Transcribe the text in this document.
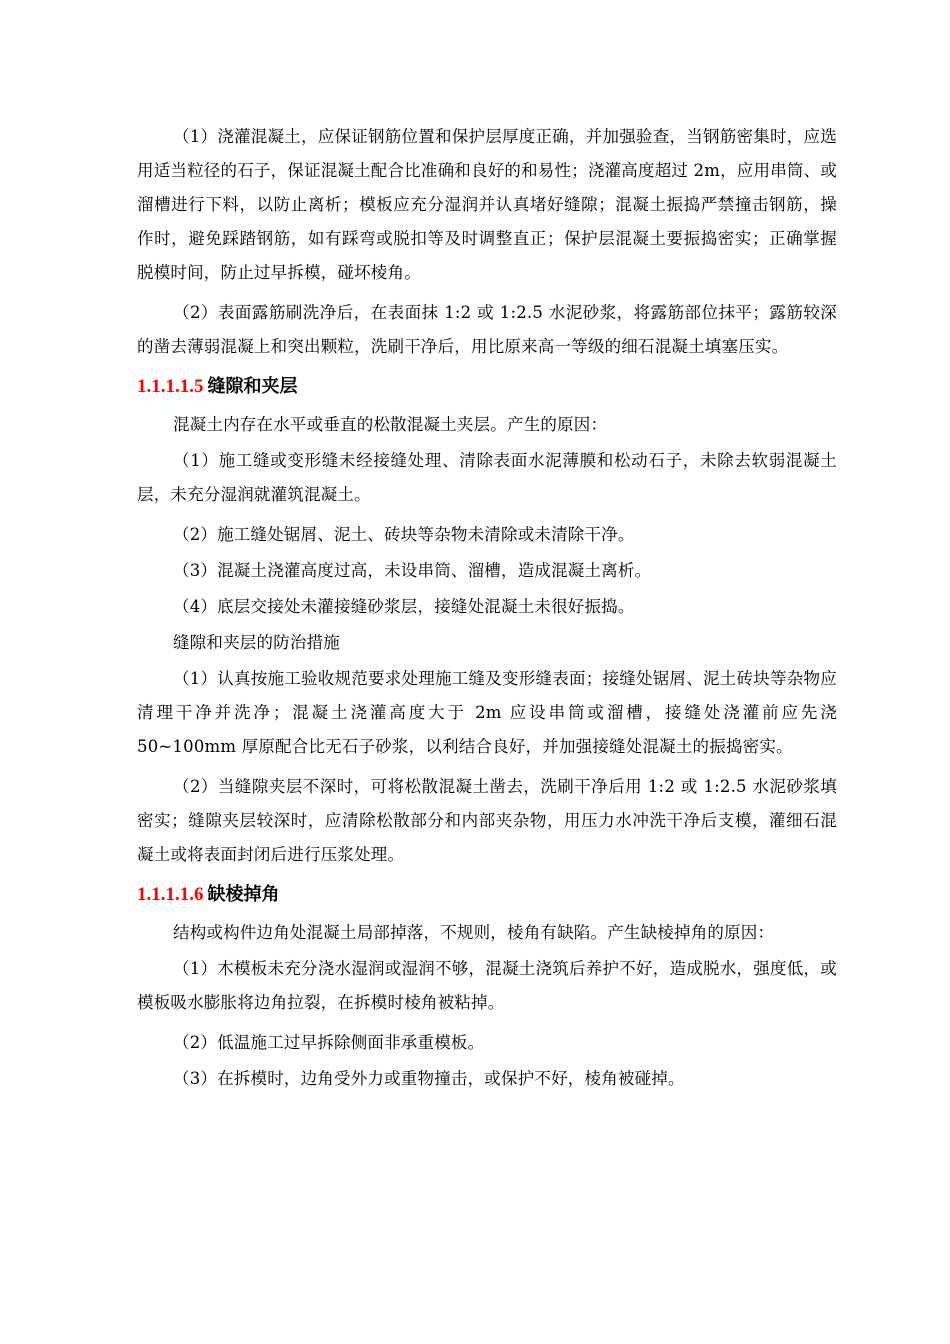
（1）浇灌混凝土，应保证钢筋位置和保护层厚度正确，并加强验查，当钢筋密集时，应选用适当粒径的石子，保证混凝土配合比准确和良好的和易性；浇灌高度超过 2m，应用串筒、或溜槽进行下料，以防止离析；模板应充分湿润并认真堵好缝隙；混凝土振捣严禁撞击钢筋，操作时，避免踩踏钢筋，如有踩弯或脱扣等及时调整直正；保护层混凝土要振捣密实；正确掌握脱模时间，防止过早拆模，碰坏棱角。

（2）表面露筋刷洗净后，在表面抹 1:2 或 1:2.5 水泥砂浆，将露筋部位抹平；露筋较深的凿去薄弱混凝上和突出颗粒，洗刷干净后，用比原来高一等级的细石混凝土填塞压实。

1.1.1.1.5 缝隙和夹层

混凝土内存在水平或垂直的松散混凝土夹层。产生的原因：

（1）施工缝或变形缝未经接缝处理、清除表面水泥薄膜和松动石子，未除去软弱混凝土层，未充分湿润就灌筑混凝土。

（2）施工缝处锯屑、泥土、砖块等杂物未清除或未清除干净。

（3）混凝土浇灌高度过高，未设串筒、溜槽，造成混凝土离析。

（4）底层交接处未灌接缝砂浆层，接缝处混凝土未很好振捣。

缝隙和夹层的防治措施

（1）认真按施工验收规范要求处理施工缝及变形缝表面；接缝处锯屑、泥土砖块等杂物应清理干净并洗净；混凝土浇灌高度大于 2m 应设串筒或溜槽，接缝处浇灌前应先浇 50~100mm 厚原配合比无石子砂浆，以利结合良好，并加强接缝处混凝土的振捣密实。

（2）当缝隙夹层不深时，可将松散混凝土凿去，洗刷干净后用 1:2 或 1:2.5 水泥砂浆填密实；缝隙夹层较深时，应清除松散部分和内部夹杂物，用压力水冲洗干净后支模，灌细石混凝土或将表面封闭后进行压浆处理。

1.1.1.1.6 缺棱掉角

结构或构件边角处混凝土局部掉落，不规则，棱角有缺陷。产生缺棱掉角的原因：

（1）木模板未充分浇水湿润或湿润不够，混凝土浇筑后养护不好，造成脱水，强度低，或模板吸水膨胀将边角拉裂，在拆模时棱角被粘掉。

（2）低温施工过早拆除侧面非承重模板。

（3）在拆模时，边角受外力或重物撞击，或保护不好，棱角被碰掉。
